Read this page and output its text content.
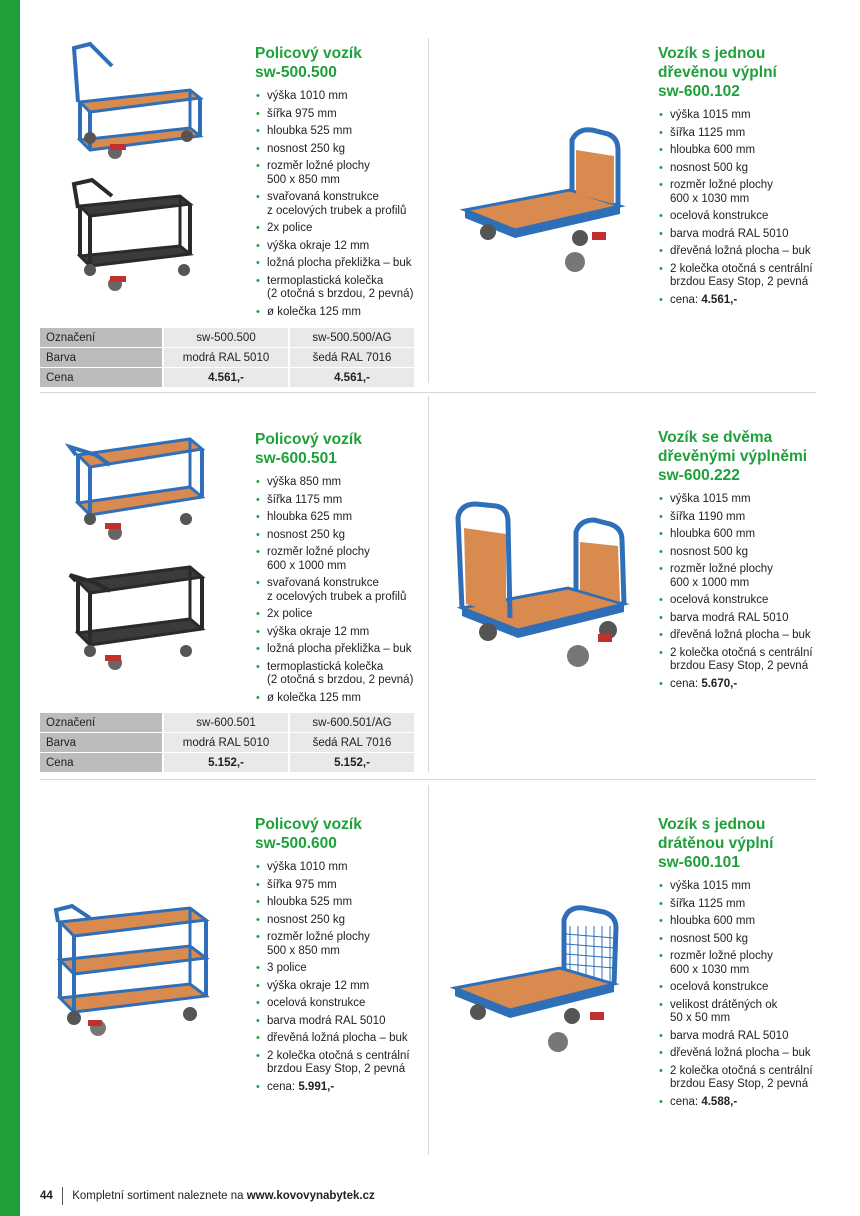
Policový vozík
sw-500.500
• výška 1010 mm
• šířka 975 mm
• hloubka 525 mm
• nosnost 250 kg
• rozměr ložné plochy
500 x 850 mm
• svařovaná konstrukce
z ocelových trubek a profilů
• 2x police
• výška okraje 12 mm
• ložná plocha překližka – buk
• termoplastická kolečka
(2 otočná s brzdou, 2 pevná)
• ø kolečka 125 mm
Označení	sw-500.500	sw-500.500/AG
Barva	modrá RAL 5010	šedá RAL 7016
Cena	4.561,-	4.561,-
Vozík s jednou
dřevěnou výplní
sw-600.102
• výška 1015 mm
• šířka 1125 mm
• hloubka 600 mm
• nosnost 500 kg
• rozměr ložné plochy
600 x 1030 mm
• ocelová konstrukce
• barva modrá RAL 5010
• dřevěná ložná plocha – buk
• 2 kolečka otočná s centrální
brzdou Easy Stop, 2 pevná
• cena: 4.561,-
Policový vozík
sw-600.501
• výška 850 mm
• šířka 1175 mm
• hloubka 625 mm
• nosnost 250 kg
• rozměr ložné plochy
600 x 1000 mm
• svařovaná konstrukce
z ocelových trubek a profilů
• 2x police
• výška okraje 12 mm
• ložná plocha překližka – buk
• termoplastická kolečka
(2 otočná s brzdou, 2 pevná)
• ø kolečka 125 mm
Označení	sw-600.501	sw-600.501/AG
Barva	modrá RAL 5010	šedá RAL 7016
Cena	5.152,-	5.152,-
Vozík se dvěma
dřevěnými výplněmi
sw-600.222
• výška 1015 mm
• šířka 1190 mm
• hloubka 600 mm
• nosnost 500 kg
• rozměr ložné plochy
600 x 1000 mm
• ocelová konstrukce
• barva modrá RAL 5010
• dřevěná ložná plocha – buk
• 2 kolečka otočná s centrální
brzdou Easy Stop, 2 pevná
• cena: 5.670,-
Policový vozík
sw-500.600
• výška 1010 mm
• šířka 975 mm
• hloubka 525 mm
• nosnost 250 kg
• rozměr ložné plochy
500 x 850 mm
• 3 police
• výška okraje 12 mm
• ocelová konstrukce
• barva modrá RAL 5010
• dřevěná ložná plocha – buk
• 2 kolečka otočná s centrální
brzdou Easy Stop, 2 pevná
• cena: 5.991,-
Vozík s jednou
drátěnou výplní
sw-600.101
• výška 1015 mm
• šířka 1125 mm
• hloubka 600 mm
• nosnost 500 kg
• rozměr ložné plochy
600 x 1030 mm
• ocelová konstrukce
• velikost drátěných ok
50 x 50 mm
• barva modrá RAL 5010
• dřevěná ložná plocha – buk
• 2 kolečka otočná s centrální
brzdou Easy Stop, 2 pevná
• cena: 4.588,-
44 Kompletní sortiment naleznete na www.kovovynabytek.cz
